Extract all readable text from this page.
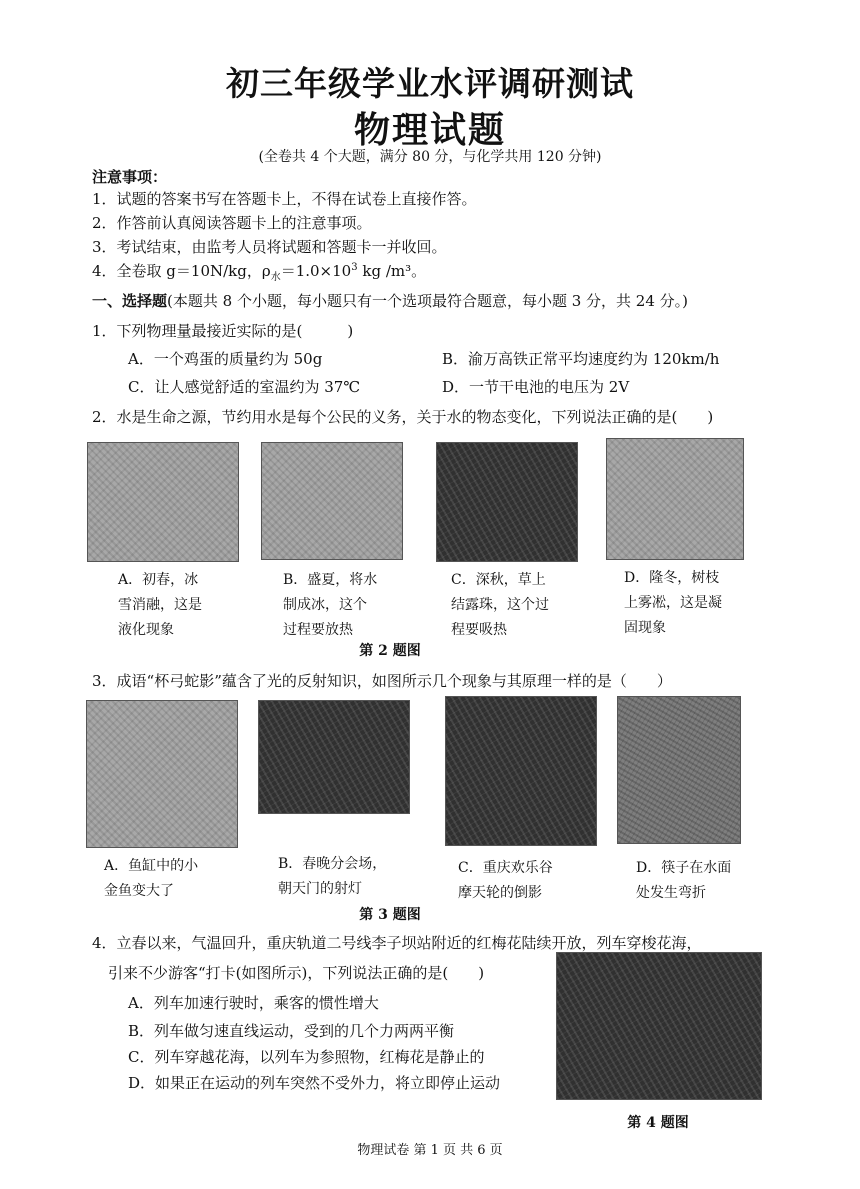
初三年级学业水评调研测试
物理试题
(全卷共 4 个大题，满分 80 分，与化学共用 120 分钟)
注意事项：
1．试题的答案书写在答题卡上，不得在试卷上直接作答。
2．作答前认真阅读答题卡上的注意事项。
3．考试结束，由监考人员将试题和答题卡一并收回。
4．全卷取 g＝10N/kg，$\rho_水=1.0\times 10^3$ kg /m³。
一、选择题(本题共 8 个小题，每小题只有一个选项最符合题意，每小题 3 分，共 24 分。)
1．下列物理量最接近实际的是(　　　)
A．一个鸡蛋的质量约为 50g	B．渝万高铁正常平均速度约为 120km/h
C．让人感觉舒适的室温约为 37℃	D．一节干电池的电压为 2V
2．水是生命之源，节约用水是每个公民的义务，关于水的物态变化，下列说法正确的是(　　)
A．初春，冰
雪消融，这是
液化现象
B．盛夏，将水
制成冰，这个
过程要放热
C．深秋，草上
结露珠，这个过
程要吸热
D．隆冬，树枝
上雾凇，这是凝
固现象
第 2 题图
3．成语“杯弓蛇影”蕴含了光的反射知识，如图所示几个现象与其原理一样的是（　　）
A．鱼缸中的小
金鱼变大了
B．春晚分会场，
朝天门的射灯
C．重庆欢乐谷
摩天轮的倒影
D．筷子在水面
处发生弯折
第 3 题图
4．立春以来，气温回升，重庆轨道二号线李子坝站附近的红梅花陆续开放，列车穿梭花海，
引来不少游客“打卡(如图所示)，下列说法正确的是(　　)
A．列车加速行驶时，乘客的惯性增大
B．列车做匀速直线运动，受到的几个力两两平衡
C．列车穿越花海，以列车为参照物，红梅花是静止的
D．如果正在运动的列车突然不受外力，将立即停止运动
第 4 题图
物理试卷 第 1 页 共 6 页
